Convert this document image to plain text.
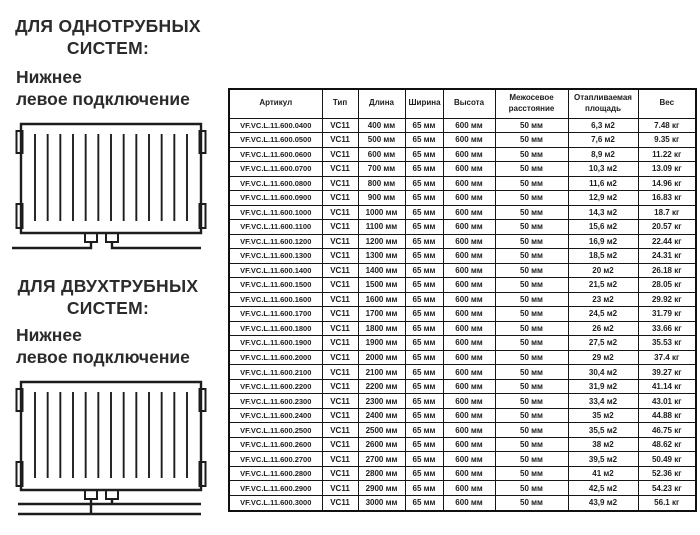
ДЛЯ ОДНОТРУБНЫХ
СИСТЕМ:
Нижнее
левое подключение
ДЛЯ ДВУХТРУБНЫХ
СИСТЕМ:
Нижнее
левое подключение
Артикул	Тип	Длина	Ширина	Высота	Межосевое расстояние	Отапливаемая площадь	Вес
VF.VC.L.11.600.0400	VC11	400 мм	65 мм	600 мм	50 мм	6,3 м2	7.48 кг
VF.VC.L.11.600.0500	VC11	500 мм	65 мм	600 мм	50 мм	7,6 м2	9.35 кг
VF.VC.L.11.600.0600	VC11	600 мм	65 мм	600 мм	50 мм	8,9 м2	11.22 кг
VF.VC.L.11.600.0700	VC11	700 мм	65 мм	600 мм	50 мм	10,3 м2	13.09 кг
VF.VC.L.11.600.0800	VC11	800 мм	65 мм	600 мм	50 мм	11,6 м2	14.96 кг
VF.VC.L.11.600.0900	VC11	900 мм	65 мм	600 мм	50 мм	12,9 м2	16.83 кг
VF.VC.L.11.600.1000	VC11	1000 мм	65 мм	600 мм	50 мм	14,3 м2	18.7 кг
VF.VC.L.11.600.1100	VC11	1100 мм	65 мм	600 мм	50 мм	15,6 м2	20.57 кг
VF.VC.L.11.600.1200	VC11	1200 мм	65 мм	600 мм	50 мм	16,9 м2	22.44 кг
VF.VC.L.11.600.1300	VC11	1300 мм	65 мм	600 мм	50 мм	18,5 м2	24.31 кг
VF.VC.L.11.600.1400	VC11	1400 мм	65 мм	600 мм	50 мм	20 м2	26.18 кг
VF.VC.L.11.600.1500	VC11	1500 мм	65 мм	600 мм	50 мм	21,5 м2	28.05 кг
VF.VC.L.11.600.1600	VC11	1600 мм	65 мм	600 мм	50 мм	23 м2	29.92 кг
VF.VC.L.11.600.1700	VC11	1700 мм	65 мм	600 мм	50 мм	24,5 м2	31.79 кг
VF.VC.L.11.600.1800	VC11	1800 мм	65 мм	600 мм	50 мм	26 м2	33.66 кг
VF.VC.L.11.600.1900	VC11	1900 мм	65 мм	600 мм	50 мм	27,5 м2	35.53 кг
VF.VC.L.11.600.2000	VC11	2000 мм	65 мм	600 мм	50 мм	29 м2	37.4 кг
VF.VC.L.11.600.2100	VC11	2100 мм	65 мм	600 мм	50 мм	30,4 м2	39.27 кг
VF.VC.L.11.600.2200	VC11	2200 мм	65 мм	600 мм	50 мм	31,9 м2	41.14 кг
VF.VC.L.11.600.2300	VC11	2300 мм	65 мм	600 мм	50 мм	33,4 м2	43.01 кг
VF.VC.L.11.600.2400	VC11	2400 мм	65 мм	600 мм	50 мм	35 м2	44.88 кг
VF.VC.L.11.600.2500	VC11	2500 мм	65 мм	600 мм	50 мм	35,5 м2	46.75 кг
VF.VC.L.11.600.2600	VC11	2600 мм	65 мм	600 мм	50 мм	38 м2	48.62 кг
VF.VC.L.11.600.2700	VC11	2700 мм	65 мм	600 мм	50 мм	39,5 м2	50.49 кг
VF.VC.L.11.600.2800	VC11	2800 мм	65 мм	600 мм	50 мм	41 м2	52.36 кг
VF.VC.L.11.600.2900	VC11	2900 мм	65 мм	600 мм	50 мм	42,5 м2	54.23 кг
VF.VC.L.11.600.3000	VC11	3000 мм	65 мм	600 мм	50 мм	43,9 м2	56.1 кг
